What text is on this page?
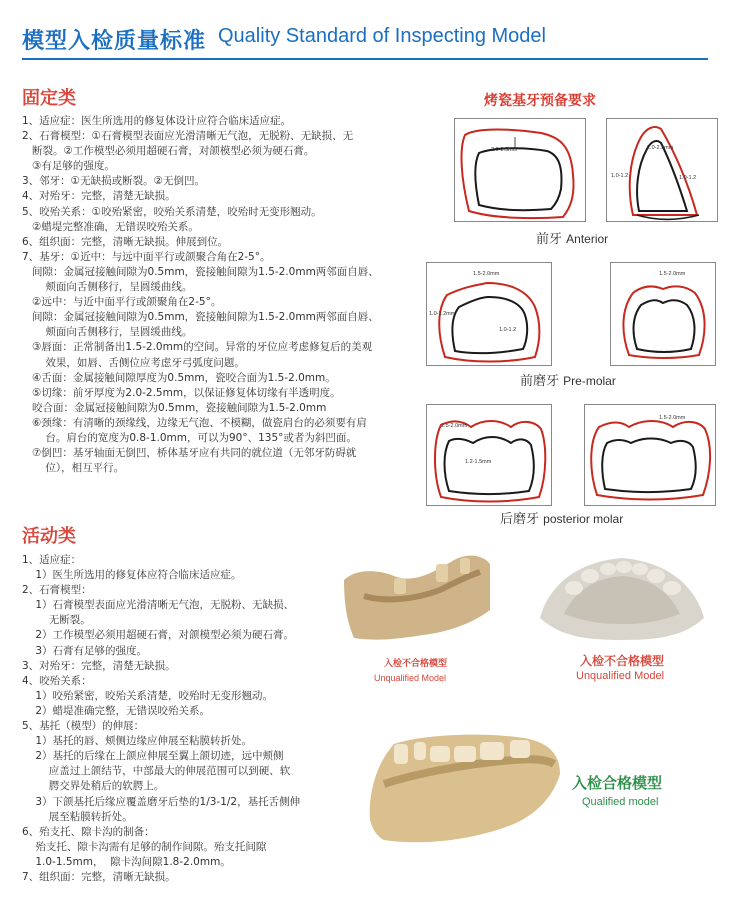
模型入检质量标准 Quality Standard of Inspecting Model
固定类
1、适应症：医生所选用的修复体设计应符合临床适应症。
2、石膏模型：①石膏模型表面应光滑清晰无气泡，无脱粉、无缺损、无
断裂。②工作模型必须用超硬石膏，对颌模型必须为硬石膏。
③有足够的强度。
3、邻牙：①无缺损或断裂。②无倒凹。
4、对殆牙：完整，清楚无缺损。
5、咬殆关系：①咬殆紧密，咬殆关系清楚，咬殆时无变形翘动。
②蜡堤完整准确，无错误咬殆关系。
6、组织面：完整，清晰无缺损。伸展到位。
7、基牙：①近中：与远中面平行或颌聚合角在2-5°。
间隙：金属冠接触间隙为0.5mm，瓷接触间隙为1.5-2.0mm两邻面自唇、
颊面向舌侧移行，呈圆缓曲线。
②远中：与近中面平行或颌聚角在2-5°。
间隙：金属冠接触间隙为0.5mm，瓷接触间隙为1.5-2.0mm两邻面自唇、
颊面向舌侧移行，呈圆缓曲线。
③唇面：正常制备出1.5-2.0mm的空间。异常的牙位应考虑修复后的美观
效果，如唇、舌侧位应考虑牙弓弧度问题。
④舌面：金属接触间隙厚度为0.5mm，瓷咬合面为1.5-2.0mm。
⑤切缘：前牙厚度为2.0-2.5mm，以保证修复体切缘有半透明度。
咬合面：金属冠接触间隙为0.5mm，瓷接触间隙为1.5-2.0mm
⑥颈缘：有清晰的颈缘线，边缘无气泡、不模糊，做瓷肩台的必须要有肩
台。肩台的宽度为0.8-1.0mm，可以为90°、135°或者为斜凹面。
⑦倒凹：基牙轴面无倒凹，桥体基牙应有共同的就位道（无邻牙防碍就
位），相互平行。
活动类
1、适应症：
1）医生所选用的修复体应符合临床适应症。
2、石膏模型：
1）石膏模型表面应光滑清晰无气泡，无脱粉、无缺损、
无断裂。
2）工作模型必须用超硬石膏，对颌模型必须为硬石膏。
3）石膏有足够的强度。
3、对殆牙：完整，清楚无缺损。
4、咬殆关系：
1）咬殆紧密，咬殆关系清楚，咬殆时无变形翘动。
2）蜡堤准确完整，无错误咬殆关系。
5、基托（模型）的伸展：
1）基托的唇、颊侧边缘应伸展至粘膜转折处。
2）基托的后缘在上颌应伸展至翼上颌切迹，远中颊侧
应盖过上颌结节，中部最大的伸展范围可以到硬、软
腭交界处稍后的软腭上。
3）下颌基托后缘应覆盖磨牙后垫的1/3-1/2，基托舌侧伸
展至粘膜转折处。
6、殆支托、隙卡沟的制备：
殆支托、隙卡沟需有足够的制作间隙。殆支托间隙
1.0-1.5mm，  隙卡沟间隙1.8-2.0mm。
7、组织面：完整，清晰无缺损。
烤瓷基牙预备要求
2.0-2.5mm	2.0-2.5mm
1.0-1.2	1.0-1.2
前牙 Anterior
1.5-2.0mm
1.0-1.2mm
1.0-1.2
1.5-2.0mm
前磨牙 Pre-molar
1.5-2.0mm
1.2-1.5mm
1.5-2.0mm
后磨牙 posterior molar
入检不合格模型
Unqualified Model
入检不合格模型
Unqualified Model
入检合格模型
Qualified model
